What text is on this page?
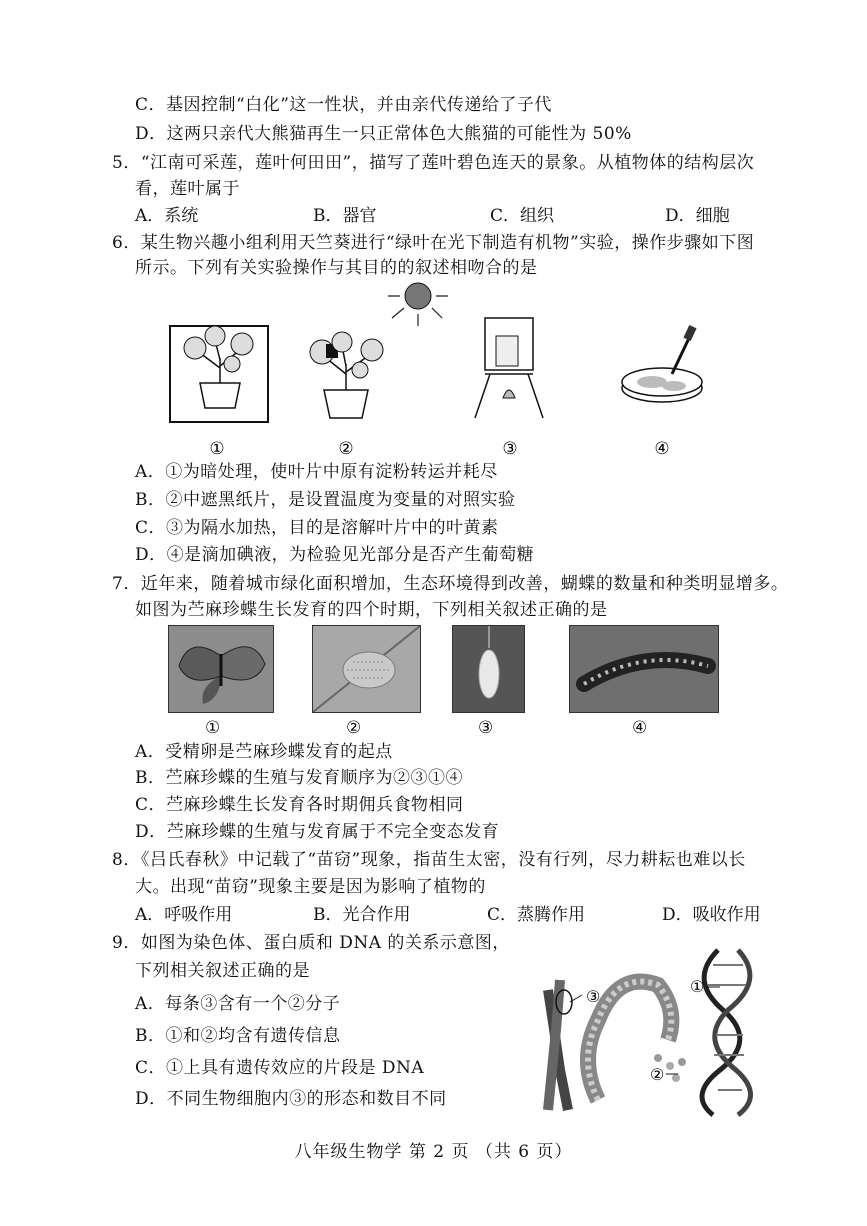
C．基因控制“白化”这一性状，并由亲代传递给了子代
D．这两只亲代大熊猫再生一只正常体色大熊猫的可能性为 50%
5．“江南可采莲，莲叶何田田”，描写了莲叶碧色连天的景象。从植物体的结构层次
看，莲叶属于
A．系统	B．器官	C．组织	D．细胞
6．某生物兴趣小组利用天竺葵进行“绿叶在光下制造有机物”实验，操作步骤如下图
所示。下列有关实验操作与其目的的叙述相吻合的是
①	②	③	④
A．①为暗处理，使叶片中原有淀粉转运并耗尽
B．②中遮黑纸片，是设置温度为变量的对照实验
C．③为隔水加热，目的是溶解叶片中的叶黄素
D．④是滴加碘液，为检验见光部分是否产生葡萄糖
7．近年来，随着城市绿化面积增加，生态环境得到改善，蝴蝶的数量和种类明显增多。
如图为苎麻珍蝶生长发育的四个时期，下列相关叙述正确的是
①	②	③	④
A．受精卵是苎麻珍蝶发育的起点
B．苎麻珍蝶的生殖与发育顺序为②③①④
C．苎麻珍蝶生长发育各时期佣兵食物相同
D．苎麻珍蝶的生殖与发育属于不完全变态发育
8．《吕氏春秋》中记载了“苗窃”现象，指苗生太密，没有行列，尽力耕耘也难以长
大。出现“苗窃”现象主要是因为影响了植物的
A．呼吸作用	B．光合作用	C．蒸腾作用	D．吸收作用
9．如图为染色体、蛋白质和 DNA 的关系示意图，
下列相关叙述正确的是
A．每条③含有一个②分子
B．①和②均含有遗传信息
C．①上具有遗传效应的片段是 DNA
D．不同生物细胞内③的形态和数目不同
③
②
①
八年级生物学 第 2 页 （共 6 页）
